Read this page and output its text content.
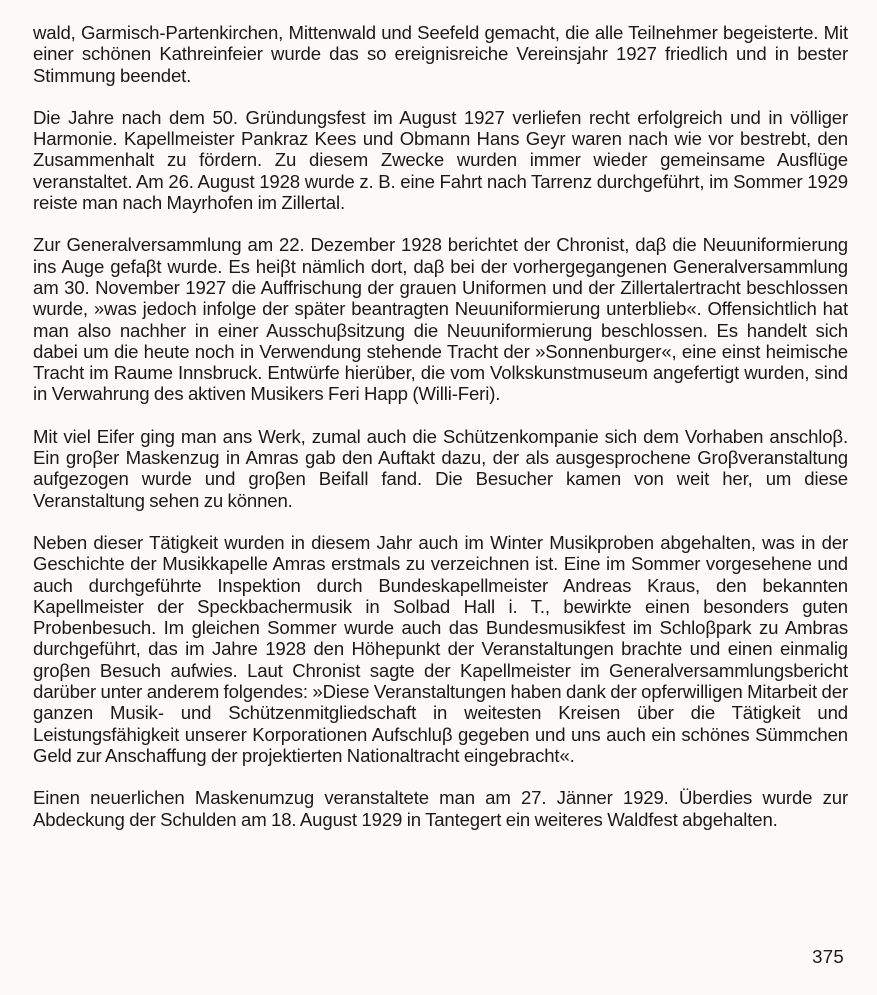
wald, Garmisch-Partenkirchen, Mittenwald und Seefeld gemacht, die alle Teilnehmer begeisterte. Mit einer schönen Kathreinfeier wurde das so ereignisreiche Vereinsjahr 1927 friedlich und in bester Stimmung beendet.

Die Jahre nach dem 50. Gründungsfest im August 1927 verliefen recht erfolgreich und in völliger Harmonie. Kapellmeister Pankraz Kees und Obmann Hans Geyr waren nach wie vor bestrebt, den Zusammenhalt zu fördern. Zu diesem Zwecke wurden immer wieder gemeinsame Ausflüge veranstaltet. Am 26. August 1928 wurde z. B. eine Fahrt nach Tarrenz durchgeführt, im Sommer 1929 reiste man nach Mayrhofen im Zillertal.

Zur Generalversammlung am 22. Dezember 1928 berichtet der Chronist, daβ die Neuuniformierung ins Auge gefaβt wurde. Es heiβt nämlich dort, daβ bei der vorhergegangenen Generalversammlung am 30. November 1927 die Auffrischung der grauen Uniformen und der Zillertalertracht beschlossen wurde, »was jedoch infolge der später beantragten Neuuniformierung unterblieb«. Offensichtlich hat man also nachher in einer Ausschuβsitzung die Neuuniformierung beschlossen. Es handelt sich dabei um die heute noch in Verwendung stehende Tracht der »Sonnenburger«, eine einst heimische Tracht im Raume Innsbruck. Entwürfe hierüber, die vom Volkskunstmuseum angefertigt wurden, sind in Verwahrung des aktiven Musikers Feri Happ (Willi-Feri).

Mit viel Eifer ging man ans Werk, zumal auch die Schützenkompanie sich dem Vorhaben anschloβ. Ein groβer Maskenzug in Amras gab den Auftakt dazu, der als ausgesprochene Groβveranstaltung aufgezogen wurde und groβen Beifall fand. Die Besucher kamen von weit her, um diese Veranstaltung sehen zu können.

Neben dieser Tätigkeit wurden in diesem Jahr auch im Winter Musikproben abgehalten, was in der Geschichte der Musikkapelle Amras erstmals zu verzeichnen ist. Eine im Sommer vorgesehene und auch durchgeführte Inspektion durch Bundeskapellmeister Andreas Kraus, den bekannten Kapellmeister der Speckbachermusik in Solbad Hall i. T., bewirkte einen besonders guten Probenbesuch. Im gleichen Sommer wurde auch das Bundesmusikfest im Schloβpark zu Ambras durchgeführt, das im Jahre 1928 den Höhepunkt der Veranstaltungen brachte und einen einmalig groβen Besuch aufwies. Laut Chronist sagte der Kapellmeister im Generalversammlungsbericht darüber unter anderem folgendes: »Diese Veranstaltungen haben dank der opferwilligen Mitarbeit der ganzen Musik- und Schützenmitgliedschaft in weitesten Kreisen über die Tätigkeit und Leistungsfähigkeit unserer Korporationen Aufschluβ gegeben und uns auch ein schönes Sümmchen Geld zur Anschaffung der projektierten Nationaltracht eingebracht«.

Einen neuerlichen Maskenumzug veranstaltete man am 27. Jänner 1929. Überdies wurde zur Abdeckung der Schulden am 18. August 1929 in Tantegert ein weiteres Waldfest abgehalten.

375
